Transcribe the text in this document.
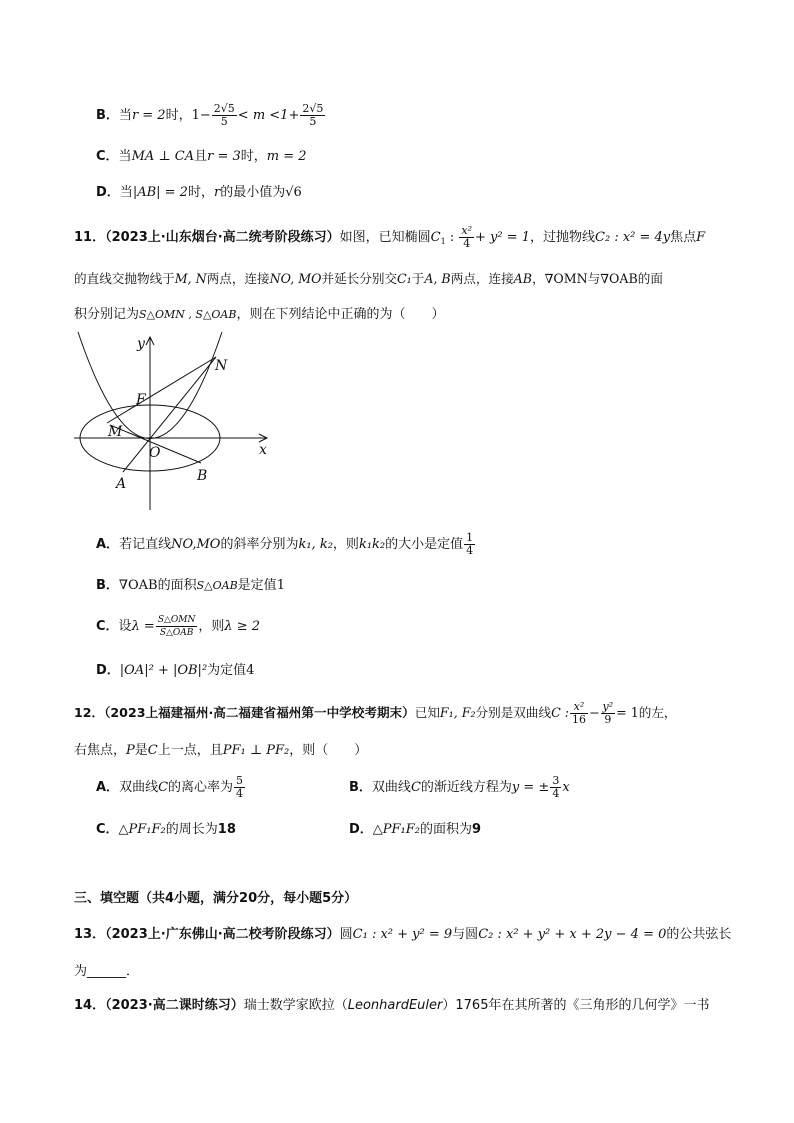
B．当r = 2时，$1- \frac{2√5}{5} < m <1+ \frac{2√5}{5}$
C．当MA ⊥ CA且r = 3时，m = 2
D．当|AB| = 2时，r的最小值为√6
11．（2023上·山东烟台·高二统考阶段练习）如图，已知椭圆$C_1$ : $\frac{\text{x²}}{4} + y^2 = 1$，过抛物线C₂ : x² = 4y焦点F
的直线交抛物线于M, N两点，连接NO, MO并延长分别交C₁于A, B两点，连接AB，∇OMN与∇OAB的面
积分别记为S△OMN , S△OAB，则在下列结论中正确的为（　　）
y
x
N
F
M
O
A	B
A．若记直线NO,MO的斜率分别为k₁, k₂，则k₁k₂的大小是定值 $\frac{1}{4}$
B．∇OAB的面积S△OAB是定值1
C．设$\lambda = \frac{\text{S△OMN}}{\text{S△OAB}}$ ，则λ ≥ 2
D．|OA|² + |OB|²为定值4
12．（2023上福建福州·高二福建省福州第一中学校考期末）已知F₁, F₂分别是双曲线C : $\frac{\text{x²}}{16} - \frac{\text{y²}}{9} = 1$的左，
右焦点，P是C上一点，且PF₁ ⊥ PF₂，则（　　）
A．双曲线C的离心率为 $\frac{5}{4}$	B．双曲线C的渐近线方程为y = ± $\frac{3}{4}$ x
C．△PF₁F₂的周长为18	D．△PF₁F₂的面积为9
三、填空题（共4小题，满分20分，每小题5分）
13．（2023上·广东佛山·高二校考阶段练习）圆C₁ : x² + y² = 9与圆C₂ : x² + y² + x + 2y − 4 = 0的公共弦长
为______．
14．（2023·高二课时练习）瑞士数学家欧拉（LeonhardEuler）1765年在其所著的《三角形的几何学》一书
